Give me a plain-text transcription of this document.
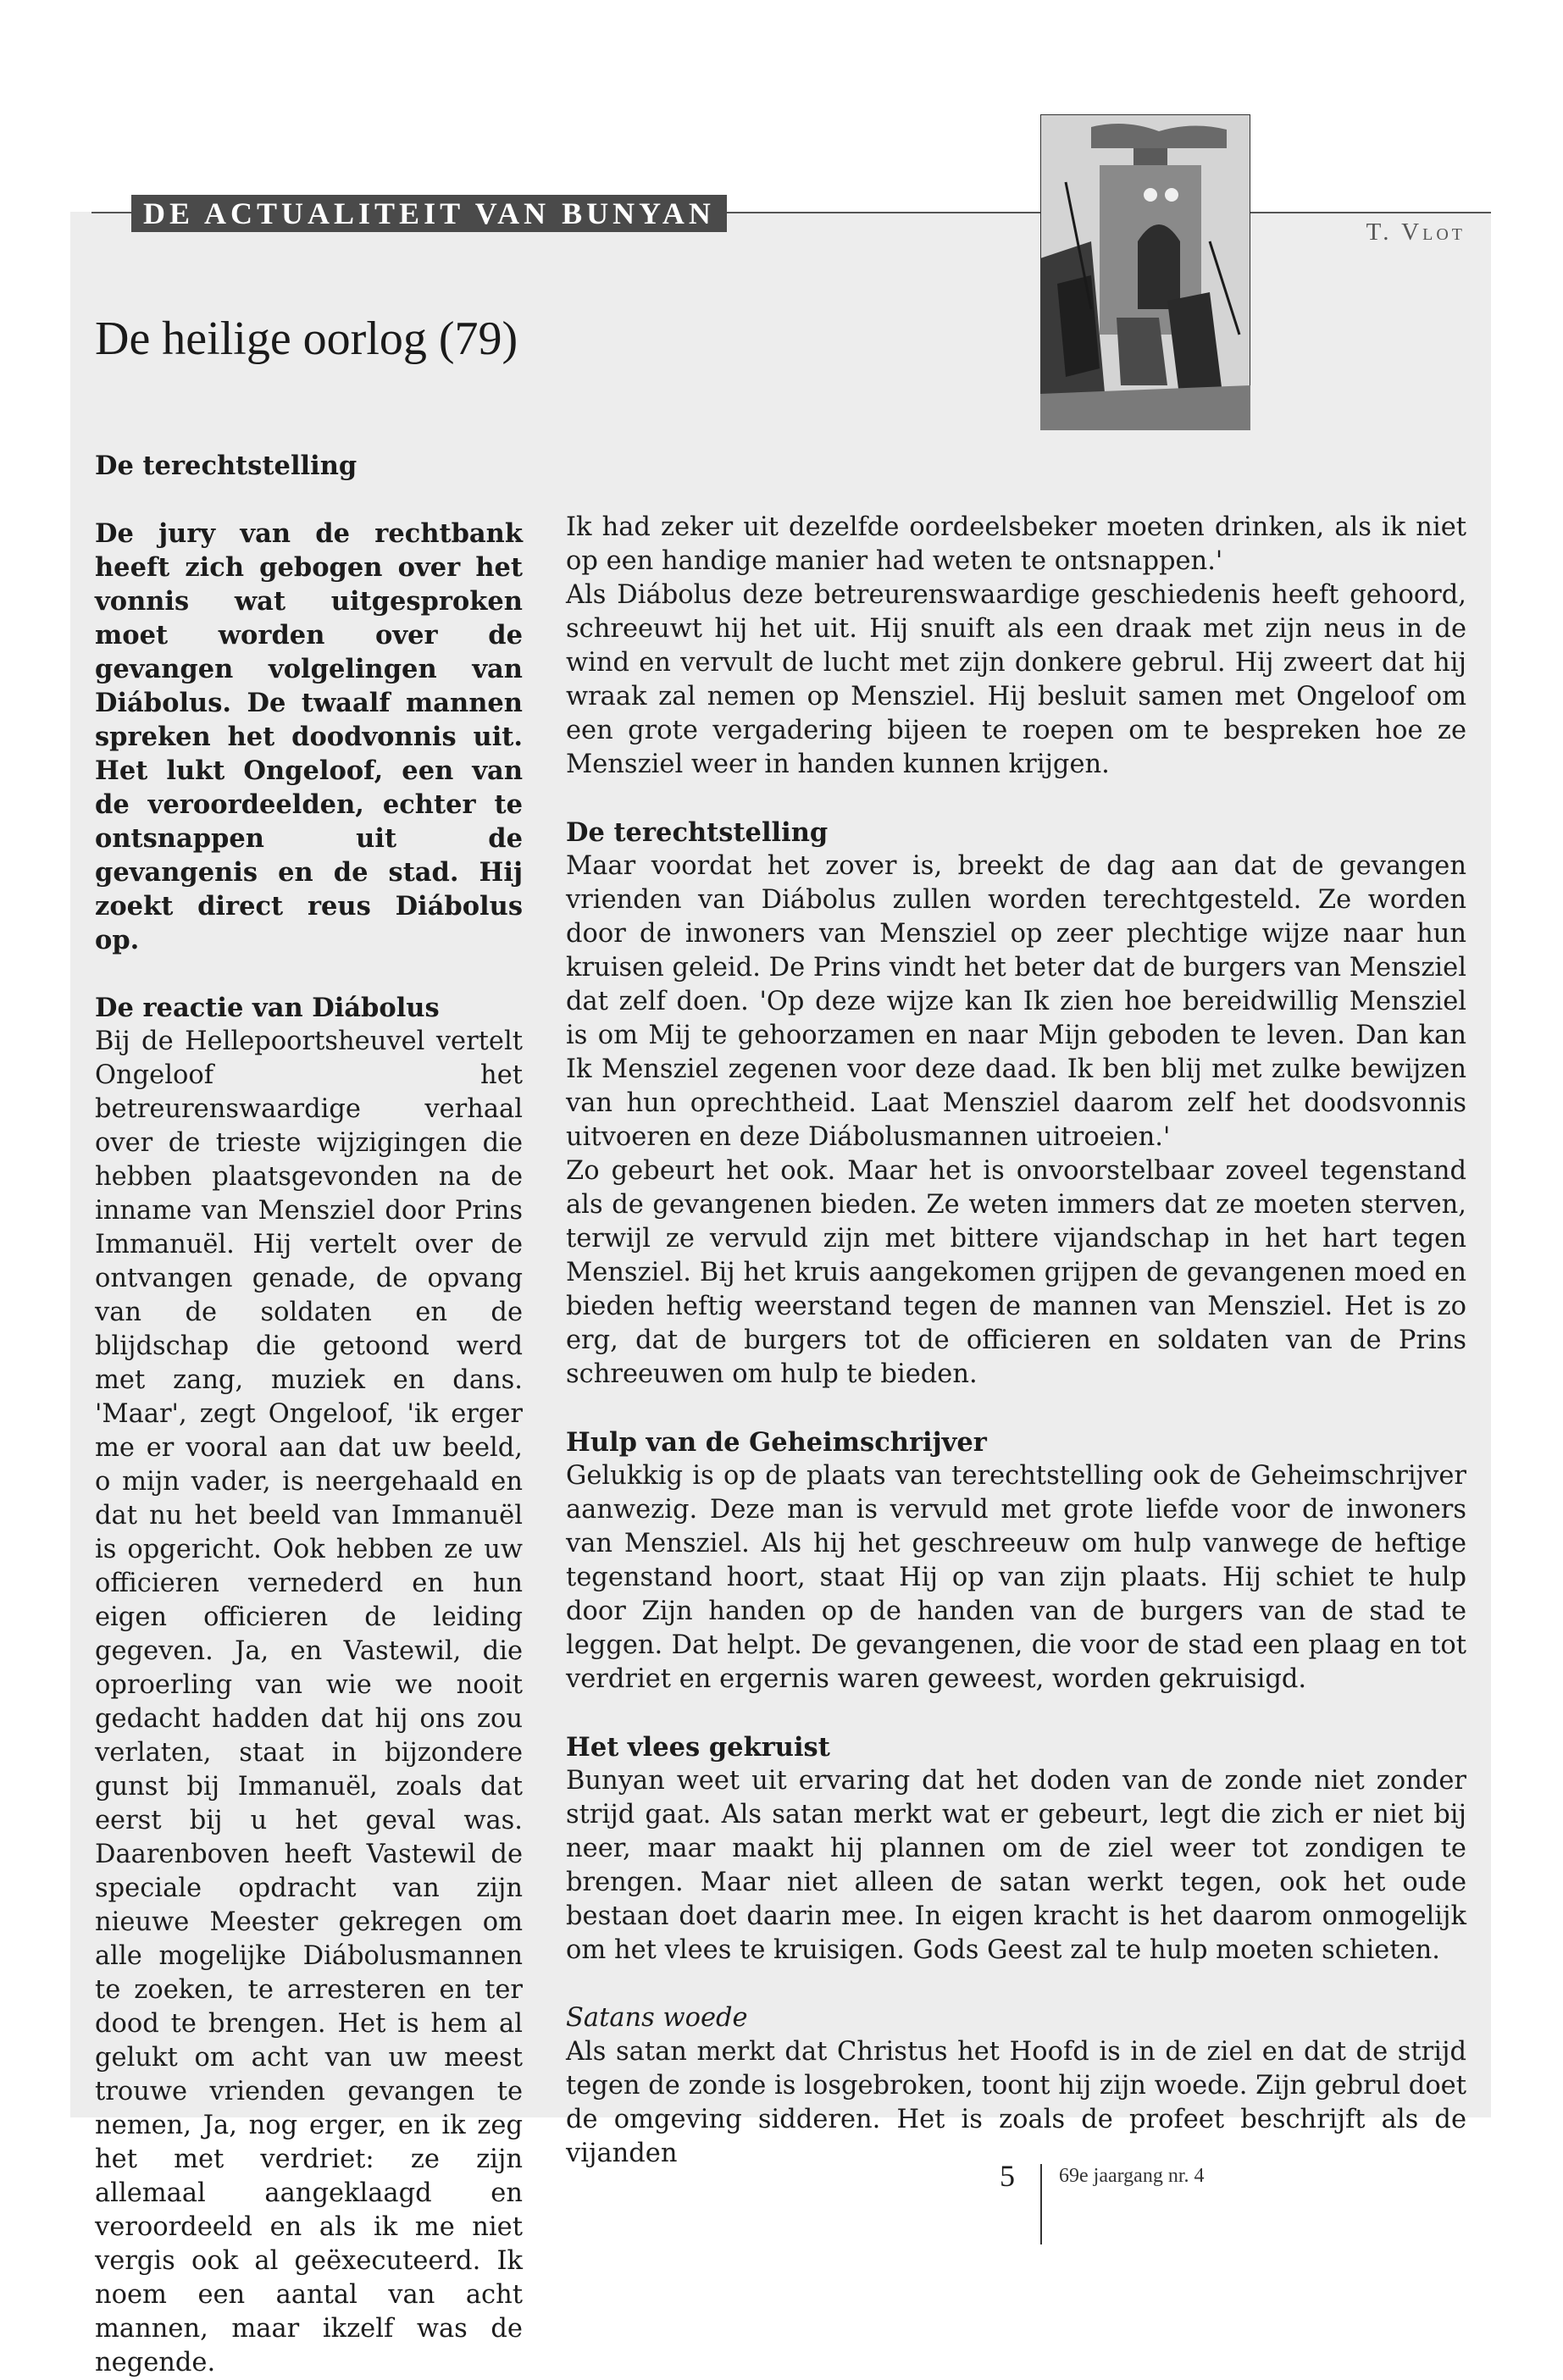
DE ACTUALITEIT VAN BUNYAN
T. Vlot
De heilige oorlog (79)

De terechtstelling

De jury van de rechtbank heeft zich gebogen over het vonnis wat uitgesproken moet worden over de gevangen volgelingen van Diábolus. De twaalf mannen spreken het doodvonnis uit. Het lukt Ongeloof, een van de veroordeelden, echter te ontsnappen uit de gevangenis en de stad. Hij zoekt direct reus Diábolus op.

De reactie van Diábolus

Bij de Hellepoortsheuvel vertelt Ongeloof het betreurenswaardige verhaal over de trieste wijzigingen die hebben plaatsgevonden na de inname van Mensziel door Prins Immanuël. Hij vertelt over de ontvangen genade, de opvang van de soldaten en de blijdschap die getoond werd met zang, muziek en dans. 'Maar', zegt Ongeloof, 'ik erger me er vooral aan dat uw beeld, o mijn vader, is neergehaald en dat nu het beeld van Immanuël is opgericht. Ook hebben ze uw officieren vernederd en hun eigen officieren de leiding gegeven. Ja, en Vastewil, die oproerling van wie we nooit gedacht hadden dat hij ons zou verlaten, staat in bijzondere gunst bij Immanuël, zoals dat eerst bij u het geval was. Daarenboven heeft Vastewil de speciale opdracht van zijn nieuwe Meester gekregen om alle mogelijke Diábolusmannen te zoeken, te arresteren en ter dood te brengen. Het is hem al gelukt om acht van uw meest trouwe vrienden gevangen te nemen, Ja, nog erger, en ik zeg het met verdriet: ze zijn allemaal aangeklaagd en veroordeeld en als ik me niet vergis ook al geëxecuteerd. Ik noem een aantal van acht mannen, maar ikzelf was de negende.

Ik had zeker uit dezelfde oordeelsbeker moeten drinken, als ik niet op een handige manier had weten te ontsnappen.'

Als Diábolus deze betreurenswaardige geschiedenis heeft gehoord, schreeuwt hij het uit. Hij snuift als een draak met zijn neus in de wind en vervult de lucht met zijn donkere gebrul. Hij zweert dat hij wraak zal nemen op Mensziel. Hij besluit samen met Ongeloof om een grote vergadering bijeen te roepen om te bespreken hoe ze Mensziel weer in handen kunnen krijgen.

De terechtstelling

Maar voordat het zover is, breekt de dag aan dat de gevangen vrienden van Diábolus zullen worden terechtgesteld. Ze worden door de inwoners van Mensziel op zeer plechtige wijze naar hun kruisen geleid. De Prins vindt het beter dat de burgers van Mensziel dat zelf doen. 'Op deze wijze kan Ik zien hoe bereidwillig Mensziel is om Mij te gehoorzamen en naar Mijn geboden te leven. Dan kan Ik Mensziel zegenen voor deze daad. Ik ben blij met zulke bewijzen van hun oprechtheid. Laat Mensziel daarom zelf het doodsvonnis uitvoeren en deze Diábolusmannen uitroeien.'

Zo gebeurt het ook. Maar het is onvoorstelbaar zoveel tegenstand als de gevangenen bieden. Ze weten immers dat ze moeten sterven, terwijl ze vervuld zijn met bittere vijandschap in het hart tegen Mensziel. Bij het kruis aangekomen grijpen de gevangenen moed en bieden heftig weerstand tegen de mannen van Mensziel. Het is zo erg, dat de burgers tot de officieren en soldaten van de Prins schreeuwen om hulp te bieden.

Hulp van de Geheimschrijver

Gelukkig is op de plaats van terechtstelling ook de Geheimschrijver aanwezig. Deze man is vervuld met grote liefde voor de inwoners van Mensziel. Als hij het geschreeuw om hulp vanwege de heftige tegenstand hoort, staat Hij op van zijn plaats. Hij schiet te hulp door Zijn handen op de handen van de burgers van de stad te leggen. Dat helpt. De gevangenen, die voor de stad een plaag en tot verdriet en ergernis waren geweest, worden gekruisigd.

Het vlees gekruist

Bunyan weet uit ervaring dat het doden van de zonde niet zonder strijd gaat. Als satan merkt wat er gebeurt, legt die zich er niet bij neer, maar maakt hij plannen om de ziel weer tot zondigen te brengen. Maar niet alleen de satan werkt tegen, ook het oude bestaan doet daarin mee. In eigen kracht is het daarom onmogelijk om het vlees te kruisigen. Gods Geest zal te hulp moeten schieten.

Satans woede

Als satan merkt dat Christus het Hoofd is in de ziel en dat de strijd tegen de zonde is losgebroken, toont hij zijn woede. Zijn gebrul doet de omgeving sidderen. Het is zoals de profeet beschrijft als de vijanden

5 69e jaargang nr. 4
